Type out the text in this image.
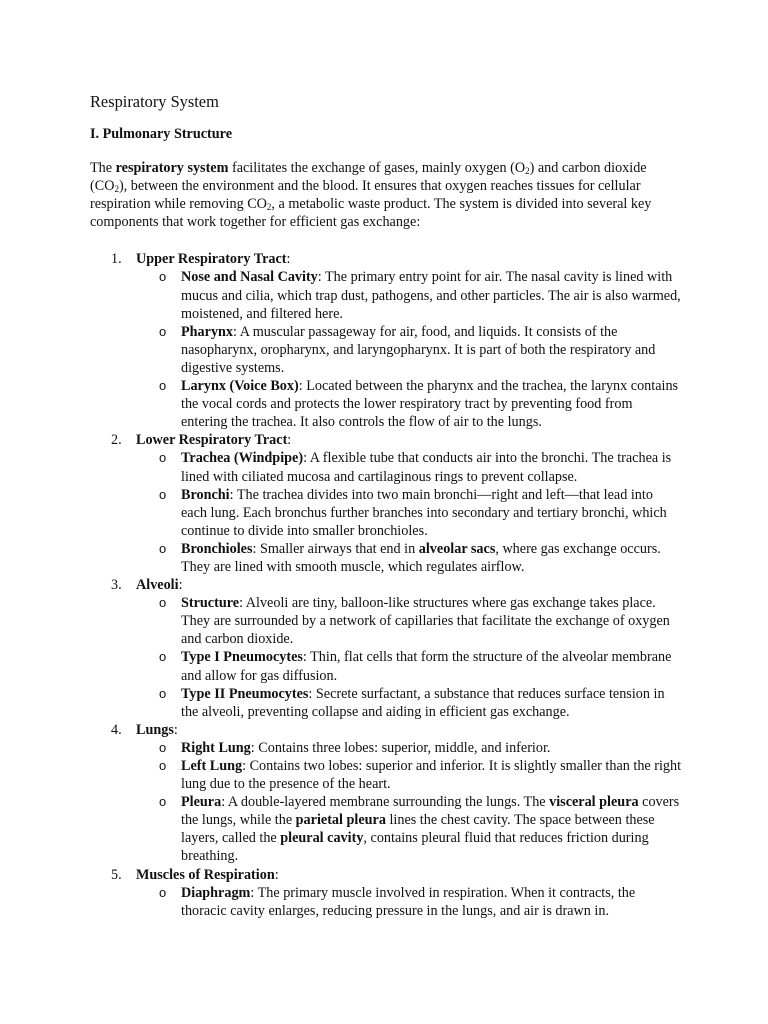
Respiratory System
I. Pulmonary Structure

The respiratory system facilitates the exchange of gases, mainly oxygen $(O_2)$ and carbon dioxide $(CO_2)$, between the environment and the blood. It ensures that oxygen reaches tissues for cellular respiration while removing $CO_2$, a metabolic waste product. The system is divided into several key components that work together for efficient gas exchange:

1. Upper Respiratory Tract:
o Nose and Nasal Cavity: The primary entry point for air. The nasal cavity is lined with mucus and cilia, which trap dust, pathogens, and other particles. The air is also warmed, moistened, and filtered here.
o Pharynx: A muscular passageway for air, food, and liquids. It consists of the nasopharynx, oropharynx, and laryngopharynx. It is part of both the respiratory and digestive systems.
o Larynx (Voice Box): Located between the pharynx and the trachea, the larynx contains the vocal cords and protects the lower respiratory tract by preventing food from entering the trachea. It also controls the flow of air to the lungs.
2. Lower Respiratory Tract:
o Trachea (Windpipe): A flexible tube that conducts air into the bronchi. The trachea is lined with ciliated mucosa and cartilaginous rings to prevent collapse.
o Bronchi: The trachea divides into two main bronchi—right and left—that lead into each lung. Each bronchus further branches into secondary and tertiary bronchi, which continue to divide into smaller bronchioles.
o Bronchioles: Smaller airways that end in alveolar sacs, where gas exchange occurs. They are lined with smooth muscle, which regulates airflow.
3. Alveoli:
o Structure: Alveoli are tiny, balloon-like structures where gas exchange takes place. They are surrounded by a network of capillaries that facilitate the exchange of oxygen and carbon dioxide.
o Type I Pneumocytes: Thin, flat cells that form the structure of the alveolar membrane and allow for gas diffusion.
o Type II Pneumocytes: Secrete surfactant, a substance that reduces surface tension in the alveoli, preventing collapse and aiding in efficient gas exchange.
4. Lungs:
o Right Lung: Contains three lobes: superior, middle, and inferior.
o Left Lung: Contains two lobes: superior and inferior. It is slightly smaller than the right lung due to the presence of the heart.
o Pleura: A double-layered membrane surrounding the lungs. The visceral pleura covers the lungs, while the parietal pleura lines the chest cavity. The space between these layers, called the pleural cavity, contains pleural fluid that reduces friction during breathing.
5. Muscles of Respiration:
o Diaphragm: The primary muscle involved in respiration. When it contracts, the thoracic cavity enlarges, reducing pressure in the lungs, and air is drawn in.
